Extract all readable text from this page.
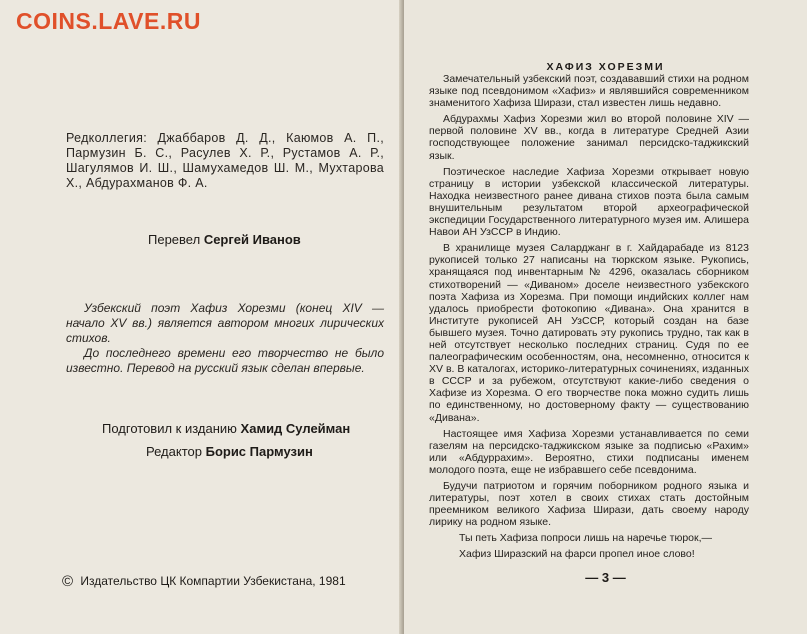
COINS.LAVE.RU
Редколлегия: Джаббаров Д. Д., Каюмов А. П., Пармузин Б. С., Расулев Х. Р., Рустамов А. Р., Шагулямов И. Ш., Шамухамедов Ш. М., Мухтарова Х., Абдурахманов Ф. А.
Перевел Сергей Иванов

Узбекский поэт Хафиз Хорезми (конец XIV — начало XV вв.) является автором многих лирических стихов.

До последнего времени его творчество не было известно. Перевод на русский язык сделан впервые.

Подготовил к изданию Хамид Сулейман
Редактор Борис Пармузин
© Издательство ЦК Компартии Узбекистана, 1981
ХАФИЗ ХОРЕЗМИ

Замечательный узбекский поэт, создававший стихи на родном языке под псевдонимом «Хафиз» и являвшийся современником знаменитого Хафиза Ширази, стал известен лишь недавно.

Абдурахмы Хафиз Хорезми жил во второй половине XIV — первой половине XV вв., когда в литературе Средней Азии господствующее положение занимал персидско-таджикский язык.

Поэтическое наследие Хафиза Хорезми открывает новую страницу в истории узбекской классической литературы. Находка неизвестного ранее дивана стихов поэта была самым внушительным результатом второй археографической экспедиции Государственного литературного музея им. Алишера Навои АН УзССР в Индию.

В хранилище музея Саларджанг в г. Хайдарабаде из 8123 рукописей только 27 написаны на тюркском языке. Рукопись, хранящаяся под инвентарным № 4296, оказалась сборником стихотворений — «Диваном» доселе неизвестного узбекского поэта Хафиза из Хорезма. При помощи индийских коллег нам удалось приобрести фотокопию «Дивана». Она хранится в Институте рукописей АН УзССР, который создан на базе бывшего музея. Точно датировать эту рукопись трудно, так как в ней отсутствует несколько последних страниц. Судя по ее палеографическим особенностям, она, несомненно, относится к XV в. В каталогах, историко-литературных сочинениях, изданных в СССР и за рубежом, отсутствуют какие-либо сведения о Хафизе из Хорезма. О его творчестве пока можно судить лишь по единственному, но достоверному факту — существованию «Дивана».

Настоящее имя Хафиза Хорезми устанавливается по семи газелям на персидско-таджикском языке за подписью «Рахим» или «Абдуррахим». Вероятно, стихи подписаны именем молодого поэта, еще не избравшего себе псевдонима.

Будучи патриотом и горячим поборником родного языка и литературы, поэт хотел в своих стихах стать достойным преемником великого Хафиза Ширази, дать своему народу лирику на родном языке.

Ты петь Хафиза попроси лишь на наречье тюрок,—

Хафиз Ширазский на фарси пропел иное слово!

— 3 —
